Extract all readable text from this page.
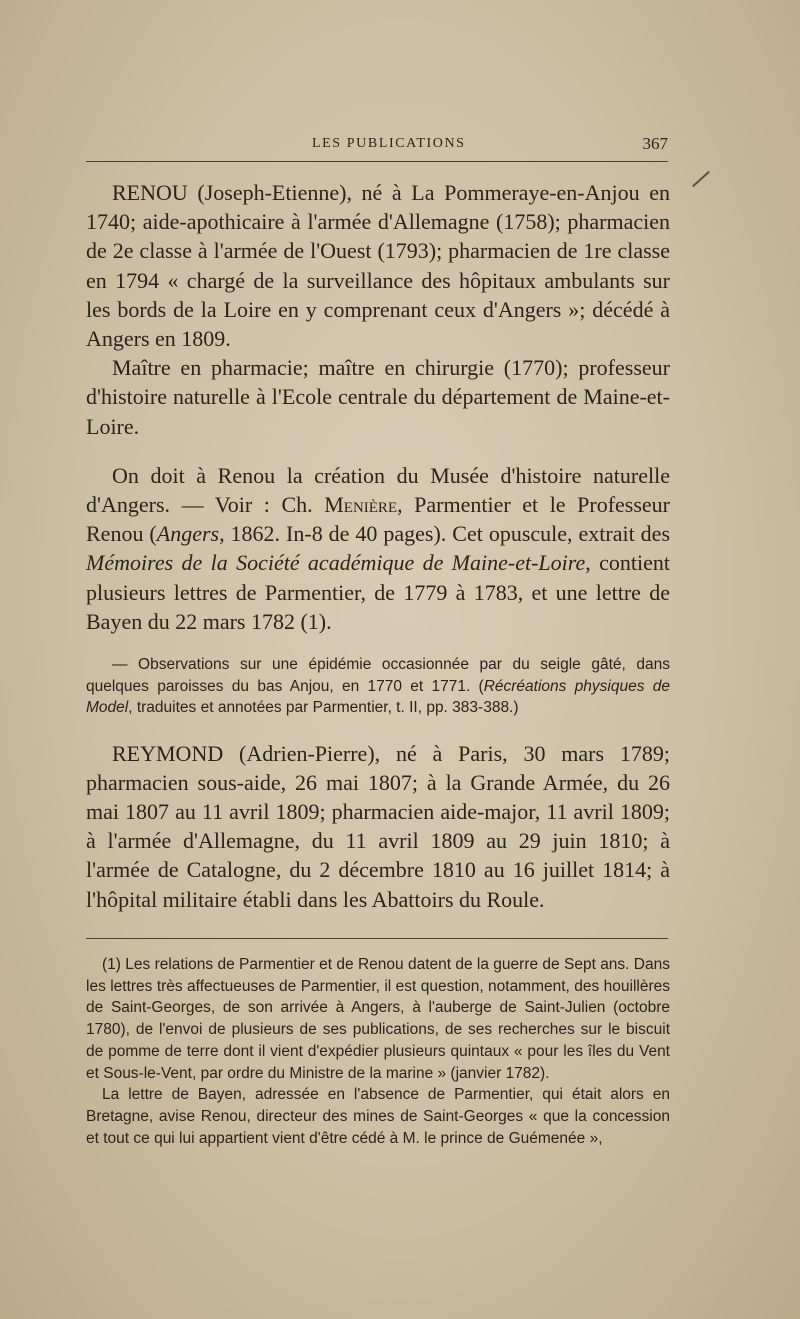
LES PUBLICATIONS	367

RENOU (Joseph-Etienne), né à La Pommeraye-en-Anjou en 1740; aide-apothicaire à l'armée d'Allemagne (1758); pharmacien de 2e classe à l'armée de l'Ouest (1793); pharmacien de 1re classe en 1794 « chargé de la surveillance des hôpitaux ambulants sur les bords de la Loire en y comprenant ceux d'Angers »; décédé à Angers en 1809.

Maître en pharmacie; maître en chirurgie (1770); professeur d'histoire naturelle à l'Ecole centrale du département de Maine-et-Loire.

On doit à Renou la création du Musée d'histoire naturelle d'Angers. — Voir : Ch. Menière, Parmentier et le Professeur Renou (Angers, 1862. In-8 de 40 pages). Cet opuscule, extrait des Mémoires de la Société académique de Maine-et-Loire, contient plusieurs lettres de Parmentier, de 1779 à 1783, et une lettre de Bayen du 22 mars 1782 (1).

— Observations sur une épidémie occasionnée par du seigle gâté, dans quelques paroisses du bas Anjou, en 1770 et 1771. (Récréations physiques de Model, traduites et annotées par Parmentier, t. II, pp. 383-388.)

REYMOND (Adrien-Pierre), né à Paris, 30 mars 1789; pharmacien sous-aide, 26 mai 1807; à la Grande Armée, du 26 mai 1807 au 11 avril 1809; pharmacien aide-major, 11 avril 1809; à l'armée d'Allemagne, du 11 avril 1809 au 29 juin 1810; à l'armée de Catalogne, du 2 décembre 1810 au 16 juillet 1814; à l'hôpital militaire établi dans les Abattoirs du Roule.

(1) Les relations de Parmentier et de Renou datent de la guerre de Sept ans. Dans les lettres très affectueuses de Parmentier, il est question, notamment, des houillères de Saint-Georges, de son arrivée à Angers, à l'auberge de Saint-Julien (octobre 1780), de l'envoi de plusieurs de ses publications, de ses recherches sur le biscuit de pomme de terre dont il vient d'expédier plusieurs quintaux « pour les îles du Vent et Sous-le-Vent, par ordre du Ministre de la marine » (janvier 1782).

La lettre de Bayen, adressée en l'absence de Parmentier, qui était alors en Bretagne, avise Renou, directeur des mines de Saint-Georges « que la concession et tout ce qui lui appartient vient d'être cédé à M. le prince de Guémenée »,
